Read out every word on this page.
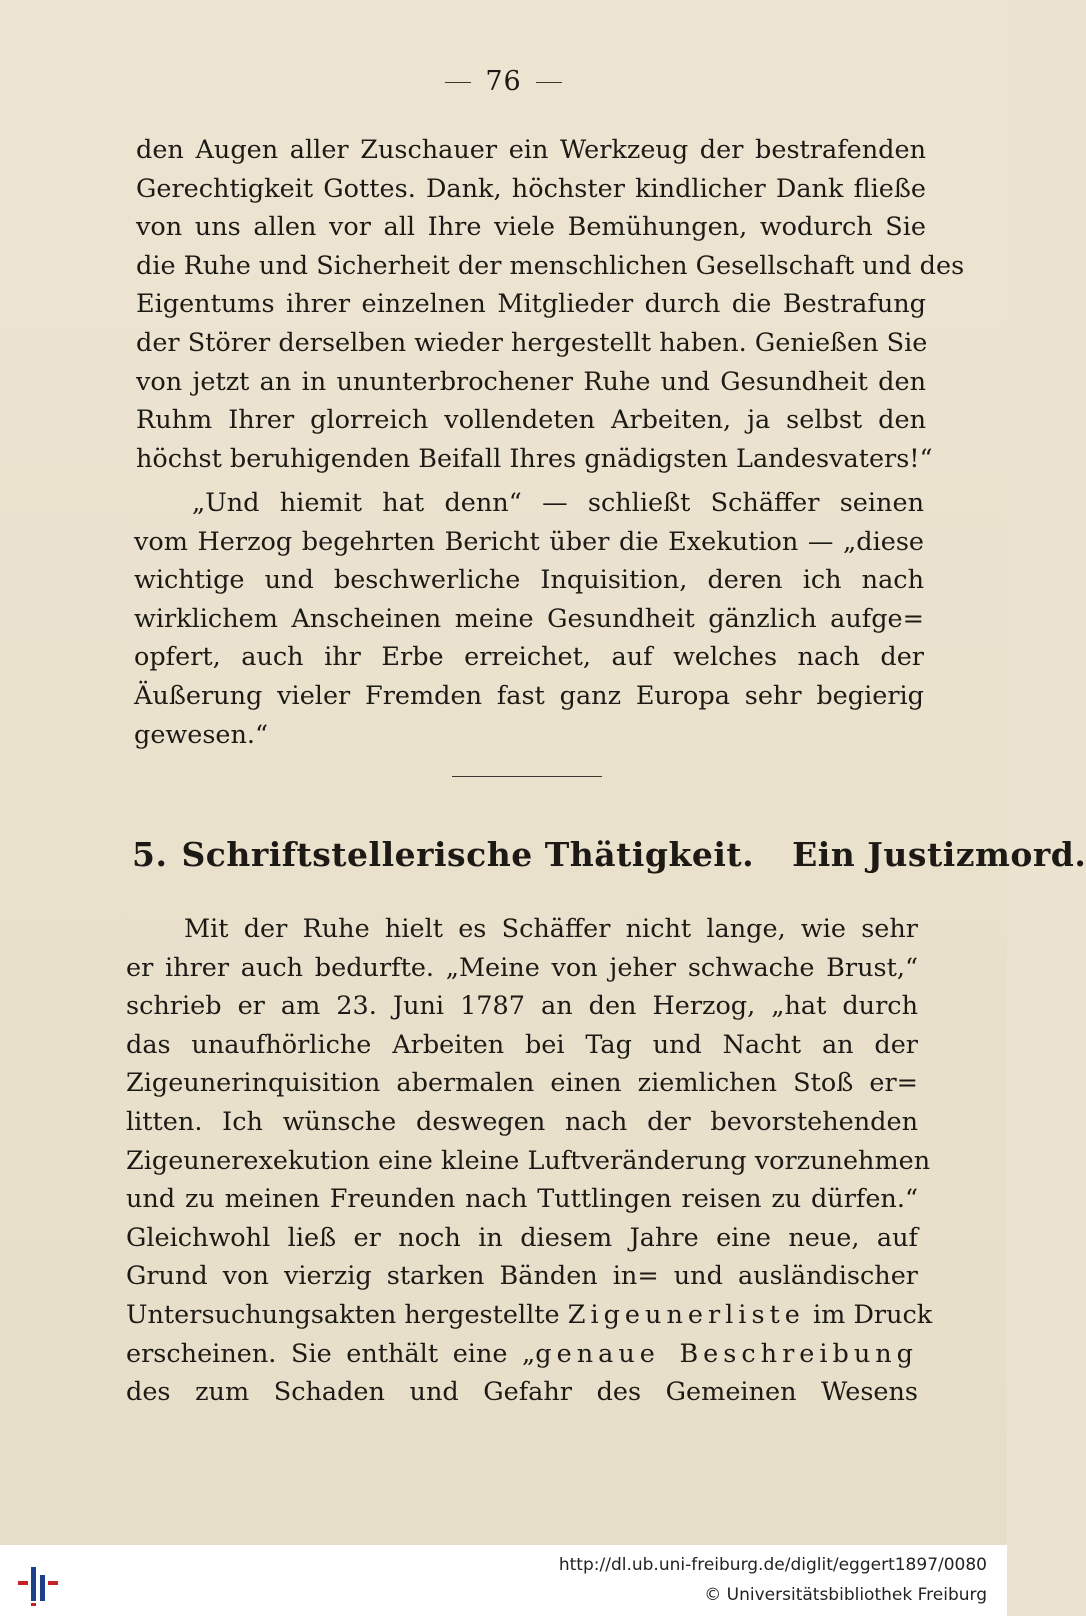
76

den Augen aller Zuschauer ein Werkzeug der bestrafenden
Gerechtigkeit Gottes. Dank, höchster kindlicher Dank fließe
von uns allen vor all Ihre viele Bemühungen, wodurch Sie
die Ruhe und Sicherheit der menschlichen Gesellschaft und des
Eigentums ihrer einzelnen Mitglieder durch die Bestrafung
der Störer derselben wieder hergestellt haben. Genießen Sie
von jetzt an in ununterbrochener Ruhe und Gesundheit den
Ruhm Ihrer glorreich vollendeten Arbeiten, ja selbst den
höchst beruhigenden Beifall Ihres gnädigsten Landesvaters!“

„Und hiemit hat denn“ — schließt Schäffer seinen
vom Herzog begehrten Bericht über die Exekution — „diese
wichtige und beschwerliche Inquisition, deren ich nach
wirklichem Anscheinen meine Gesundheit gänzlich aufge=
opfert, auch ihr Erbe erreichet, auf welches nach der
Äußerung vieler Fremden fast ganz Europa sehr begierig
gewesen.“

5. Schriftstellerische Thätigkeit. Ein Justizmord.

Mit der Ruhe hielt es Schäffer nicht lange, wie sehr
er ihrer auch bedurfte. „Meine von jeher schwache Brust,“
schrieb er am 23. Juni 1787 an den Herzog, „hat durch
das unaufhörliche Arbeiten bei Tag und Nacht an der
Zigeunerinquisition abermalen einen ziemlichen Stoß er=
litten. Ich wünsche deswegen nach der bevorstehenden
Zigeunerexekution eine kleine Luftveränderung vorzunehmen
und zu meinen Freunden nach Tuttlingen reisen zu dürfen.“
Gleichwohl ließ er noch in diesem Jahre eine neue, auf
Grund von vierzig starken Bänden in= und ausländischer
Untersuchungsakten hergestellte Zigeunerliste im Druck
erscheinen. Sie enthält eine „genaue Beschreibung
des zum Schaden und Gefahr des Gemeinen Wesens

http://dl.ub.uni-freiburg.de/diglit/eggert1897/0080
© Universitätsbibliothek Freiburg
